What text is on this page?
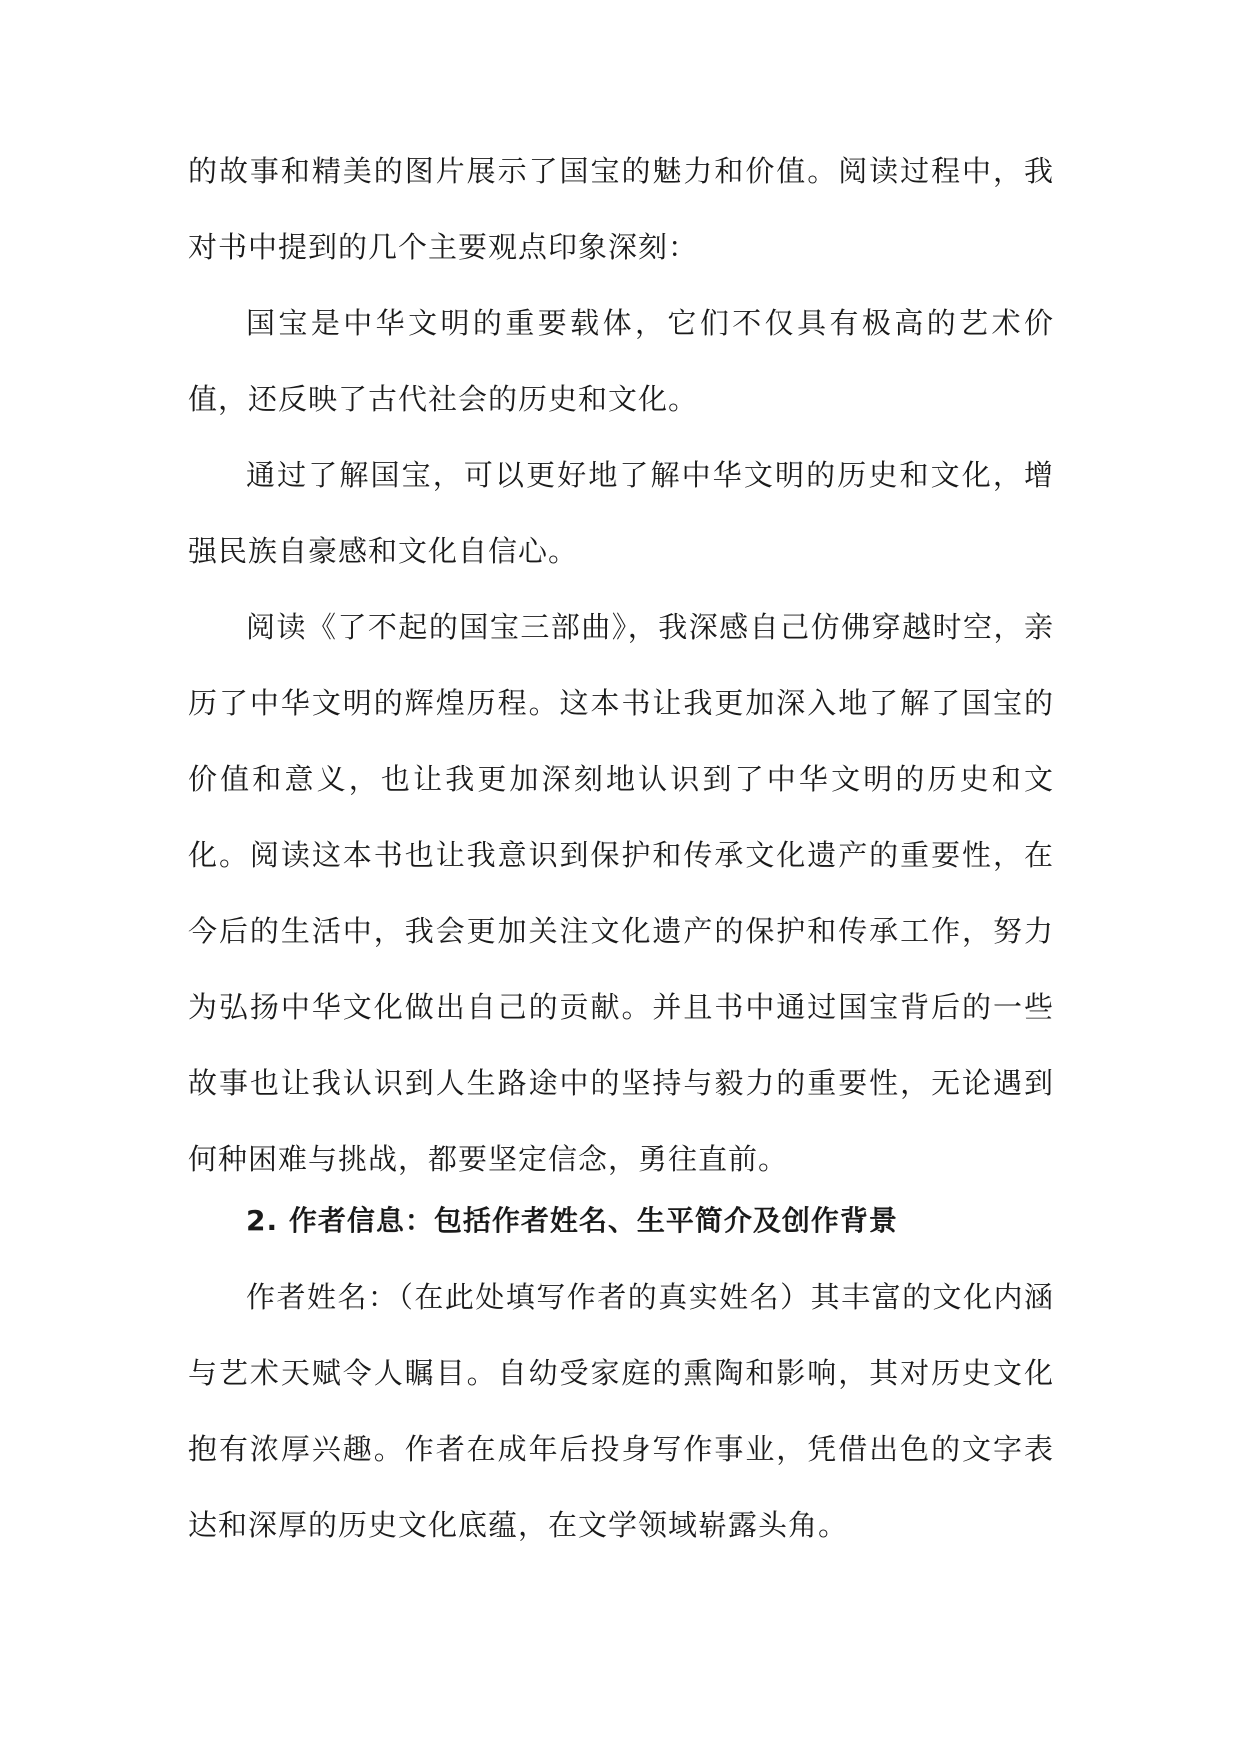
的故事和精美的图片展示了国宝的魅力和价值。阅读过程中，我对书中提到的几个主要观点印象深刻：

国宝是中华文明的重要载体，它们不仅具有极高的艺术价值，还反映了古代社会的历史和文化。

通过了解国宝，可以更好地了解中华文明的历史和文化，增强民族自豪感和文化自信心。

阅读《了不起的国宝三部曲》，我深感自己仿佛穿越时空，亲历了中华文明的辉煌历程。这本书让我更加深入地了解了国宝的价值和意义，也让我更加深刻地认识到了中华文明的历史和文化。阅读这本书也让我意识到保护和传承文化遗产的重要性，在今后的生活中，我会更加关注文化遗产的保护和传承工作，努力为弘扬中华文化做出自己的贡献。并且书中通过国宝背后的一些故事也让我认识到人生路途中的坚持与毅力的重要性，无论遇到何种困难与挑战，都要坚定信念，勇往直前。

2. 作者信息：包括作者姓名、生平简介及创作背景

作者姓名：（在此处填写作者的真实姓名）其丰富的文化内涵与艺术天赋令人瞩目。自幼受家庭的熏陶和影响，其对历史文化抱有浓厚兴趣。作者在成年后投身写作事业，凭借出色的文字表达和深厚的历史文化底蕴，在文学领域崭露头角。
